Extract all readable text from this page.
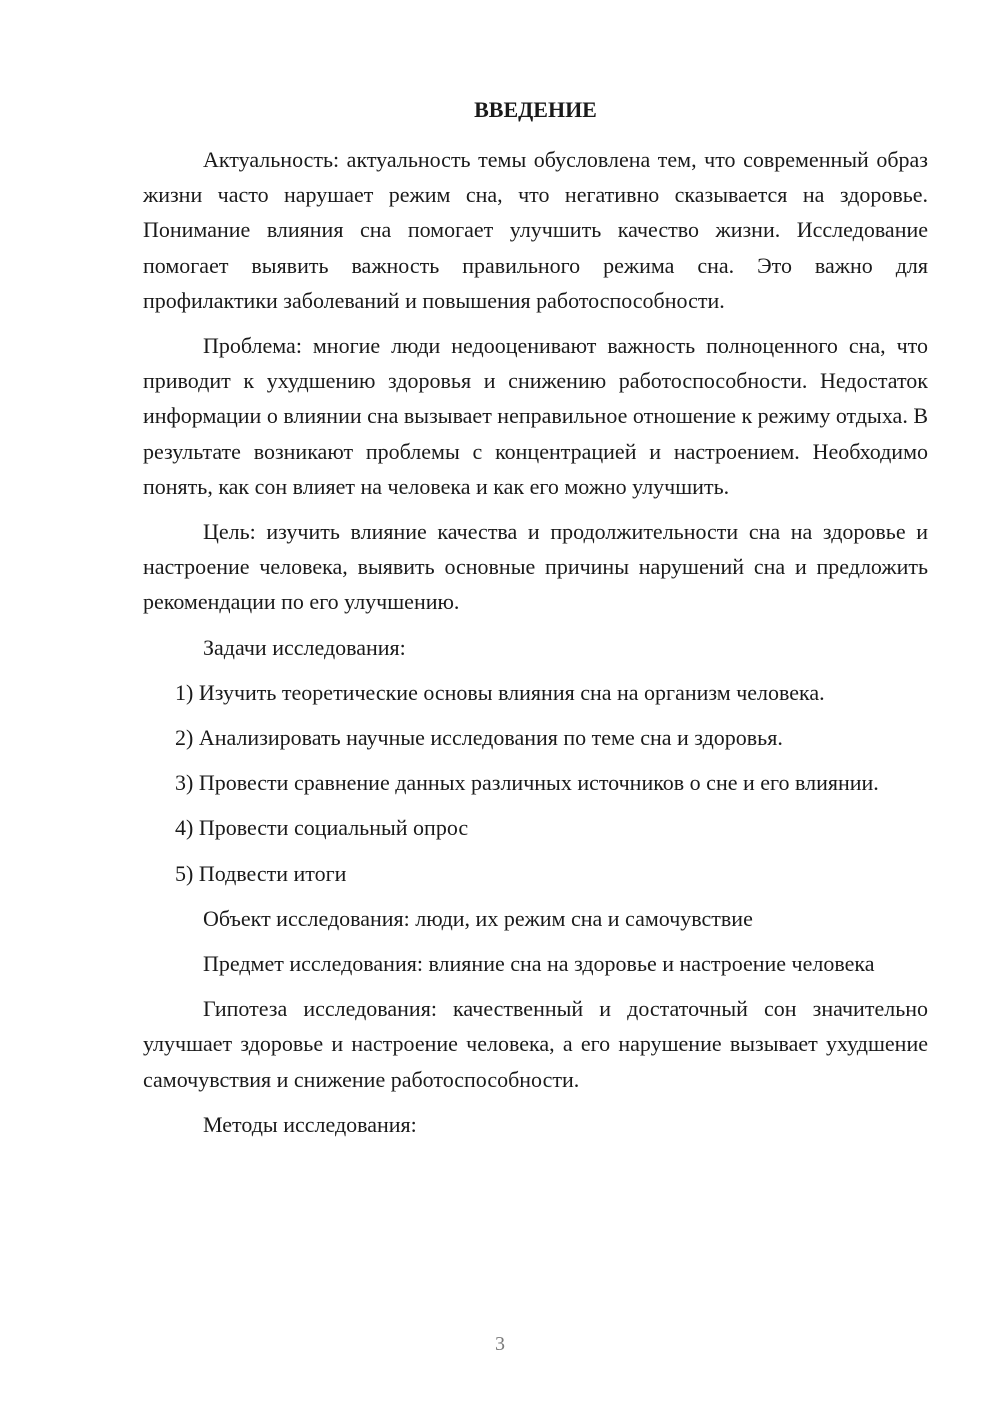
ВВЕДЕНИЕ

Актуальность: актуальность темы обусловлена тем, что современный образ жизни часто нарушает режим сна, что негативно сказывается на здоровье. Понимание влияния сна помогает улучшить качество жизни. Исследование помогает выявить важность правильного режима сна. Это важно для профилактики заболеваний и повышения работоспособности.

Проблема: многие люди недооценивают важность полноценного сна, что приводит к ухудшению здоровья и снижению работоспособности. Недостаток информации о влиянии сна вызывает неправильное отношение к режиму отдыха. В результате возникают проблемы с концентрацией и настроением. Необходимо понять, как сон влияет на человека и как его можно улучшить.

Цель: изучить влияние качества и продолжительности сна на здоровье и настроение человека, выявить основные причины нарушений сна и предложить рекомендации по его улучшению.

Задачи исследования:

1) Изучить теоретические основы влияния сна на организм человека.

2) Анализировать научные исследования по теме сна и здоровья.

3) Провести сравнение данных различных источников о сне и его влиянии.

4) Провести социальный опрос

5) Подвести итоги

Объект исследования: люди, их режим сна и самочувствие

Предмет исследования: влияние сна на здоровье и настроение человека

Гипотеза исследования: качественный и достаточный сон значительно улучшает здоровье и настроение человека, а его нарушение вызывает ухудшение самочувствия и снижение работоспособности.

Методы исследования:

3
